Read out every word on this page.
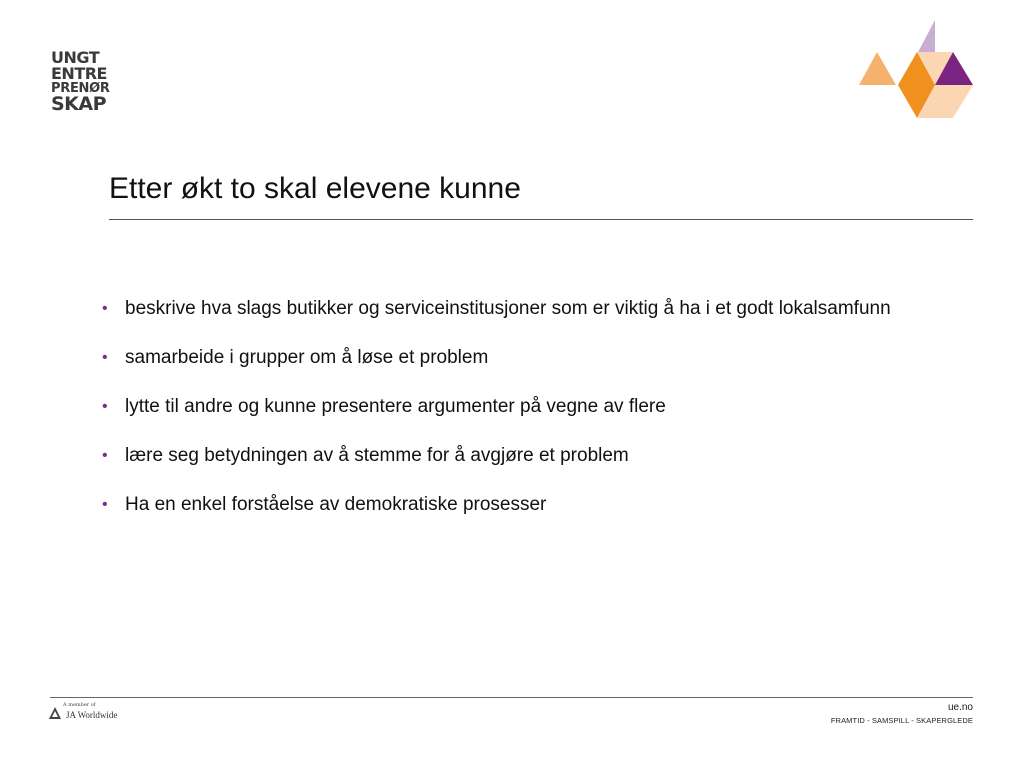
UNGT
ENTRE
PRENØR
SKAP
Etter økt to skal elevene kunne
• beskrive hva slags butikker og serviceinstitusjoner som er viktig å ha i et godt lokalsamfunn
• samarbeide i grupper om å løse et problem
• lytte til andre og kunne presentere argumenter på vegne av flere
• lære seg betydningen av å stemme for å avgjøre et problem
• Ha en enkel forståelse av demokratiske prosesser
A member of
JA Worldwide
ue.no
FRAMTID - SAMSPILL - SKAPERGLEDE
